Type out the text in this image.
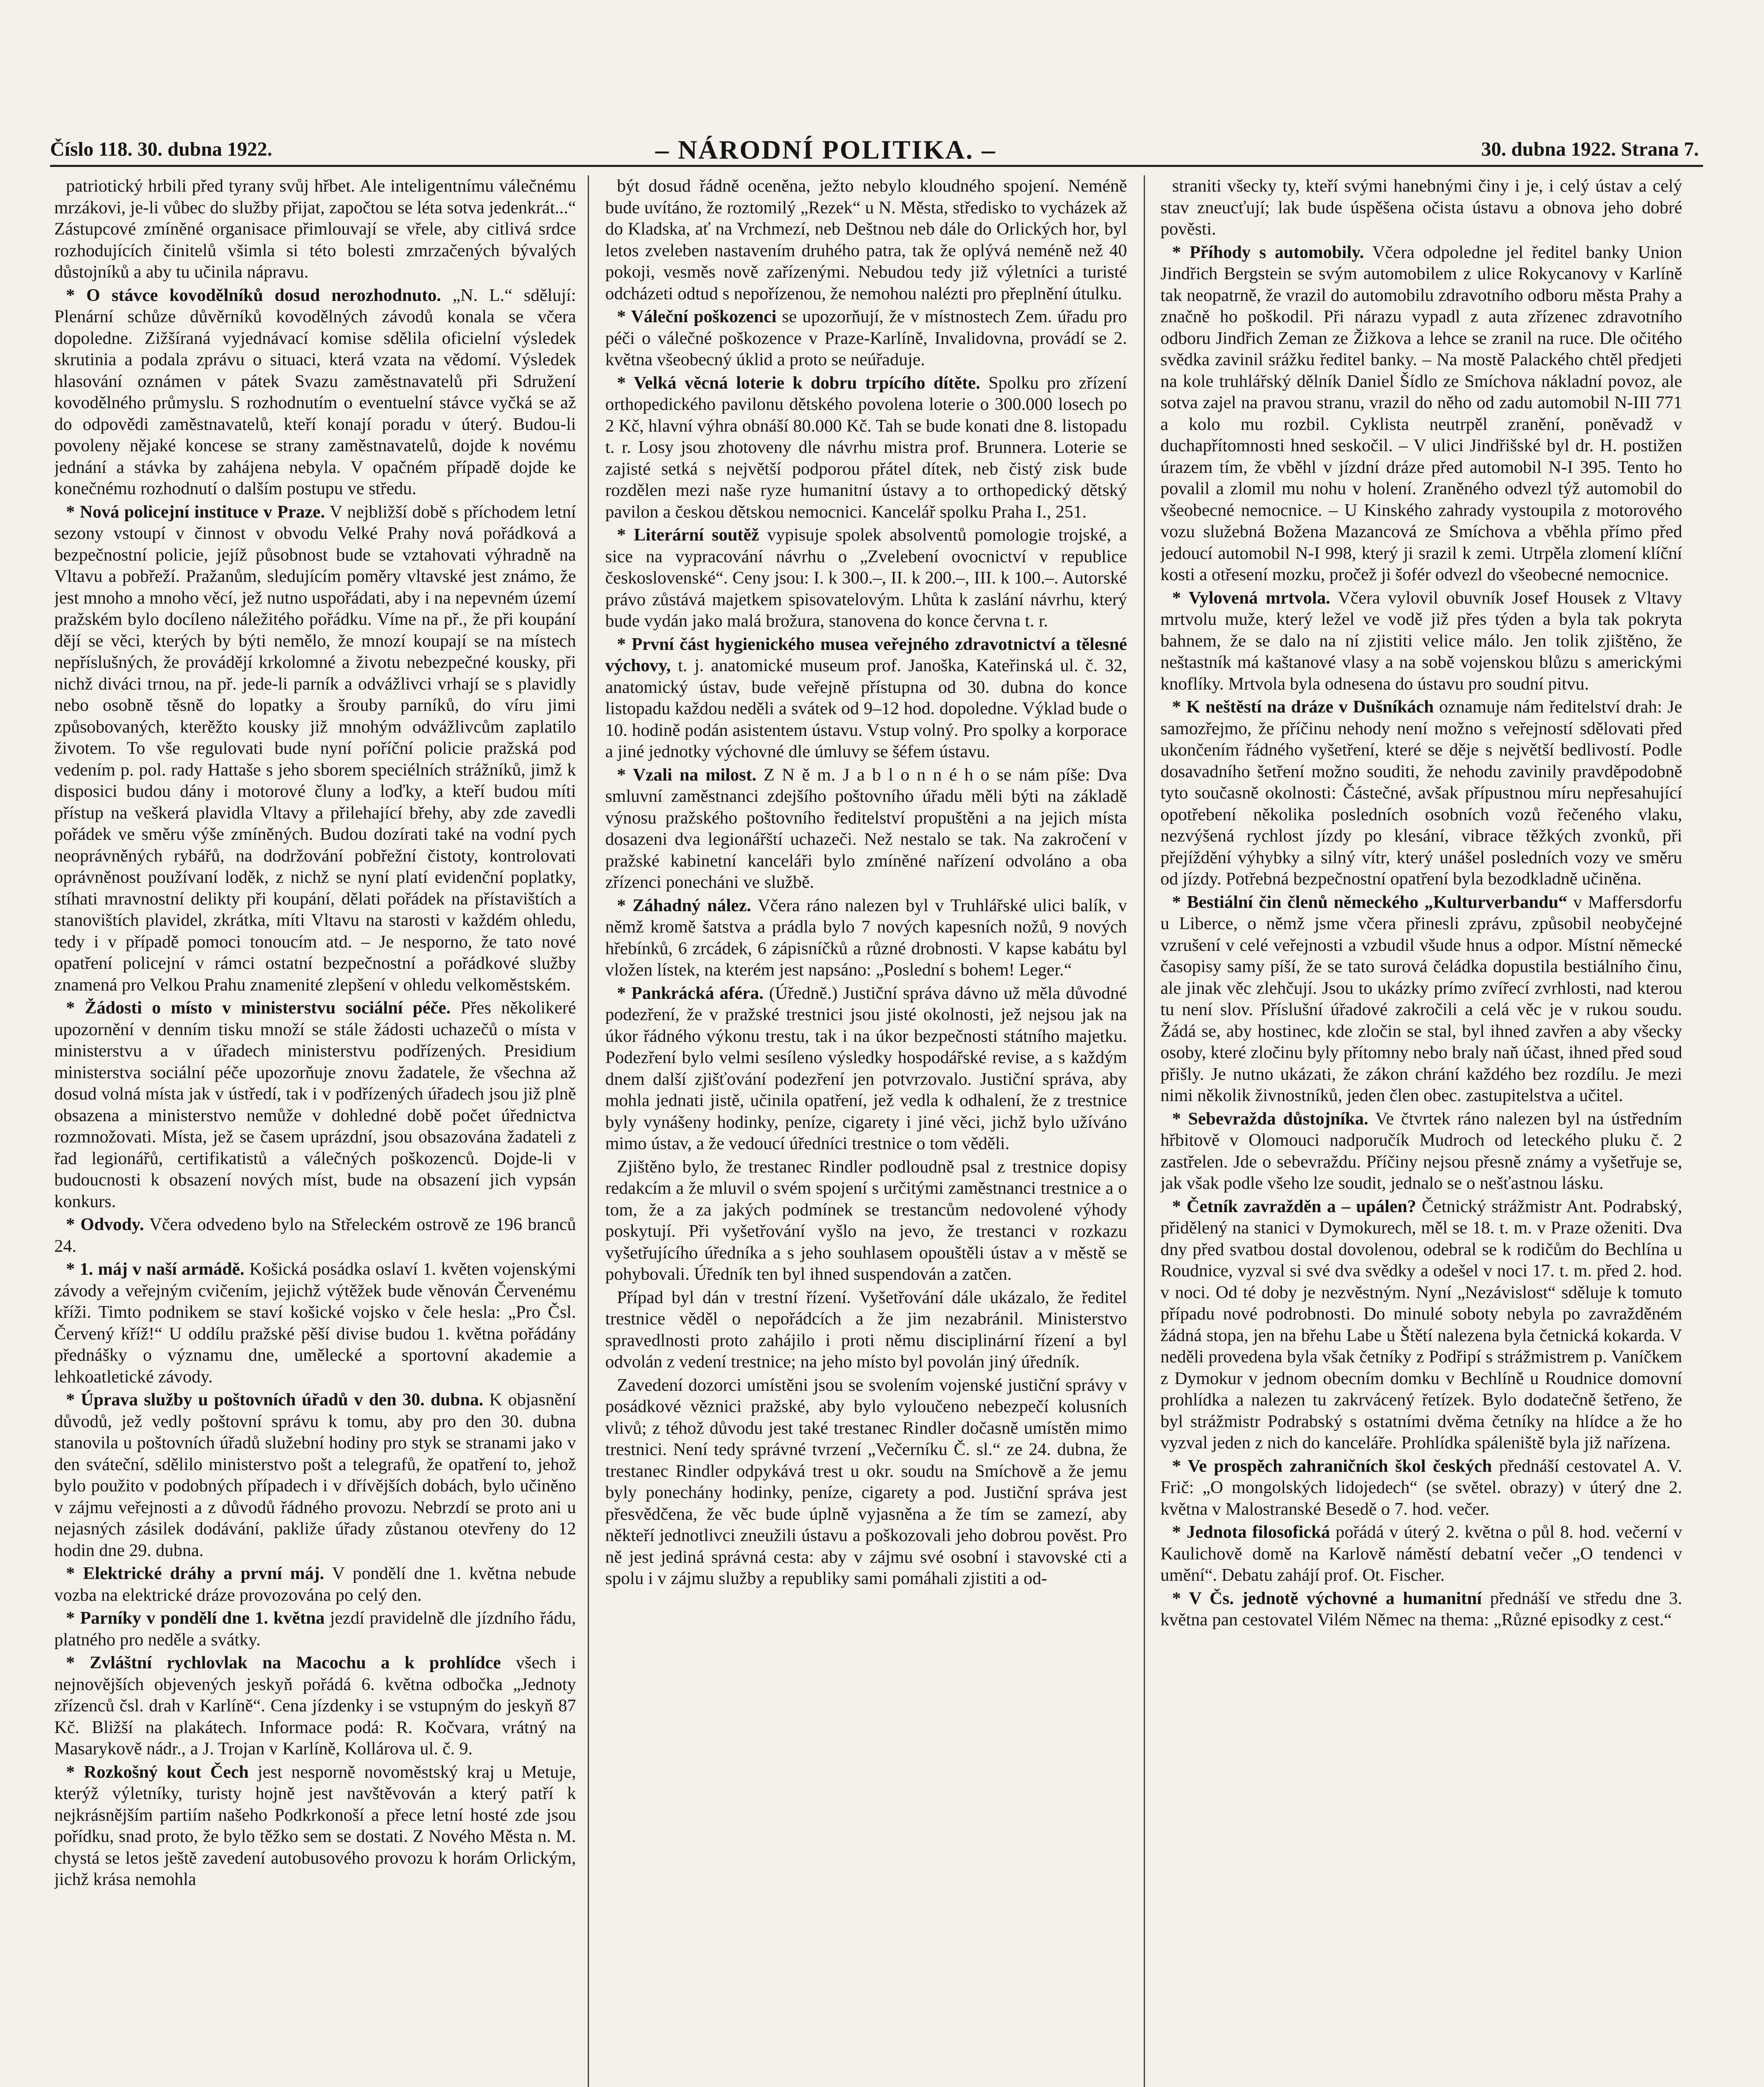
Číslo 118. 30. dubna 1922.	– NÁRODNÍ POLITIKA. –	30. dubna 1922. Strana 7.

patriotický hrbili před tyrany svůj hřbet. Ale inteligentnímu válečnému mrzákovi, je-li vůbec do služby přijat, započtou se léta sotva jedenkrát...“ Zástupcové zmíněné organisace přimlouvají se vřele, aby citlivá srdce rozhodujících činitelů všimla si této bolesti zmrzačených bývalých důstojníků a aby tu učinila nápravu.

* O stávce kovodělníků dosud nerozhodnuto. „N. L.“ sdělují: Plenární schůze důvěrníků kovodělných závodů konala se včera dopoledne. Zižšíraná vyjednávací komise sdělila oficielní výsledek skrutinia a podala zprávu o situaci, která vzata na vědomí. Výsledek hlasování oznámen v pátek Svazu zaměstnavatelů při Sdružení kovodělného průmyslu. S rozhodnutím o eventuelní stávce vyčká se až do odpovědi zaměstnavatelů, kteří konají poradu v úterý. Budou-li povoleny nějaké koncese se strany zaměstnavatelů, dojde k novému jednání a stávka by zahájena nebyla. V opačném případě dojde ke konečnému rozhodnutí o dalším postupu ve středu.

* Nová policejní instituce v Praze. V nejbližší době s příchodem letní sezony vstoupí v činnost v obvodu Velké Prahy nová pořádková a bezpečnostní policie, jejíž působnost bude se vztahovati výhradně na Vltavu a pobřeží. Pražanům, sledujícím poměry vltavské jest známo, že jest mnoho a mnoho věcí, jež nutno uspořádati, aby i na nepevném území pražském bylo docíleno náležitého pořádku. Víme na př., že při koupání dějí se věci, kterých by býti nemělo, že mnozí koupají se na místech nepříslušných, že provádějí krkolomné a životu nebezpečné kousky, při nichž diváci trnou, na př. jede-li parník a odvážlivci vrhají se s plavidly nebo osobně těsně do lopatky a šrouby parníků, do víru jimi způsobovaných, kterěžto kousky již mnohým odvážlivcům zaplatilo životem. To vše regulovati bude nyní poříční policie pražská pod vedením p. pol. rady Hattaše s jeho sborem speciélních strážníků, jimž k disposici budou dány i motorové čluny a loďky, a kteří budou míti přístup na veškerá plavidla Vltavy a přilehající břehy, aby zde zavedli pořádek ve směru výše zmíněných. Budou dozírati také na vodní pych neoprávněných rybářů, na dodržování pobřežní čistoty, kontrolovati oprávněnost používaní loděk, z nichž se nyní platí evidenční poplatky, stíhati mravnostní delikty při koupání, dělati pořádek na přístavištích a stanovištích plavidel, zkrátka, míti Vltavu na starosti v každém ohledu, tedy i v případě pomoci tonoucím atd. – Je nesporno, že tato nové opatření policejní v rámci ostatní bezpečnostní a pořádkové služby znamená pro Velkou Prahu znamenité zlepšení v ohledu velkoměstském.

* Žádosti o místo v ministerstvu sociální péče. Přes několikeré upozornění v denním tisku množí se stále žádosti uchazečů o místa v ministerstvu a v úřadech ministerstvu podřízených. Presidium ministerstva sociální péče upozorňuje znovu žadatele, že všechna až dosud volná místa jak v ústředí, tak i v podřízených úřadech jsou již plně obsazena a ministerstvo nemůže v dohledné době počet úřednictva rozmnožovati. Místa, jež se časem uprázdní, jsou obsazována žadateli z řad legionářů, certifikatistů a válečných poškozenců. Dojde-li v budoucnosti k obsazení nových míst, bude na obsazení jich vypsán konkurs.

* Odvody. Včera odvedeno bylo na Střeleckém ostrově ze 196 branců 24.

* 1. máj v naší armádě. Košická posádka oslaví 1. květen vojenskými závody a veřejným cvičením, jejichž výtěžek bude věnován Červenému kříži. Timto podnikem se staví košické vojsko v čele hesla: „Pro Čsl. Červený kříž!“ U oddílu pražské pěší divise budou 1. května pořádány přednášky o významu dne, umělecké a sportovní akademie a lehkoatletické závody.

* Úprava služby u poštovních úřadů v den 30. dubna. K objasnění důvodů, jež vedly poštovní správu k tomu, aby pro den 30. dubna stanovila u poštovních úřadů služební hodiny pro styk se stranami jako v den sváteční, sdělilo ministerstvo pošt a telegrafů, že opatření to, jehož bylo použito v podobných případech i v dřívějších dobách, bylo učiněno v zájmu veřejnosti a z důvodů řádného provozu. Nebrzdí se proto ani u nejasných zásilek dodávání, pakliže úřady zůstanou otevřeny do 12 hodin dne 29. dubna.

* Elektrické dráhy a první máj. V pondělí dne 1. května nebude vozba na elektrické dráze provozována po celý den.

* Parníky v pondělí dne 1. května jezdí pravidelně dle jízdního řádu, platného pro neděle a svátky.

* Zvláštní rychlovlak na Macochu a k prohlídce všech i nejnovějších objevených jeskyň pořádá 6. května odbočka „Jednoty zřízenců čsl. drah v Karlíně“. Cena jízdenky i se vstupným do jeskyň 87 Kč. Bližší na plakátech. Informace podá: R. Kočvara, vrátný na Masarykově nádr., a J. Trojan v Karlíně, Kollárova ul. č. 9.

* Rozkošný kout Čech jest nesporně novoměstský kraj u Metuje, kterýž výletníky, turisty hojně jest navštěvován a který patří k nejkrásnějším partiím našeho Podkrkonoší a přece letní hosté zde jsou pořídku, snad proto, že bylo těžko sem se dostati. Z Nového Města n. M. chystá se letos ještě zavedení autobusového provozu k horám Orlickým, jichž krása nemohla

být dosud řádně oceněna, ježto nebylo kloudného spojení. Neméně bude uvítáno, že roztomilý „Rezek“ u N. Města, středisko to vycházek až do Kladska, ať na Vrchmezí, neb Deštnou neb dále do Orlických hor, byl letos zveleben nastavením druhého patra, tak že oplývá neméně než 40 pokoji, vesměs nově zařízenými. Nebudou tedy již výletníci a turisté odcházeti odtud s nepořízenou, že nemohou nalézti pro přeplnění útulku.

* Váleční poškozenci se upozorňují, že v místnostech Zem. úřadu pro péči o válečné poškozence v Praze-Karlíně, Invalidovna, provádí se 2. května všeobecný úklid a proto se neúřaduje.

* Velká věcná loterie k dobru trpícího dítěte. Spolku pro zřízení orthopedického pavilonu dětského povolena loterie o 300.000 losech po 2 Kč, hlavní výhra obnáší 80.000 Kč. Tah se bude konati dne 8. listopadu t. r. Losy jsou zhotoveny dle návrhu mistra prof. Brunnera. Loterie se zajisté setká s největší podporou přátel dítek, neb čistý zisk bude rozdělen mezi naše ryze humanitní ústavy a to orthopedický dětský pavilon a českou dětskou nemocnici. Kancelář spolku Praha I., 251.

* Literární soutěž vypisuje spolek absolventů pomologie trojské, a sice na vypracování návrhu o „Zvelebení ovocnictví v republice československé“. Ceny jsou: I. k 300.–, II. k 200.–, III. k 100.–. Autorské právo zůstává majetkem spisovatelovým. Lhůta k zaslání návrhu, který bude vydán jako malá brožura, stanovena do konce června t. r.

* První část hygienického musea veřejného zdravotnictví a tělesné výchovy, t. j. anatomické museum prof. Janoška, Kateřinská ul. č. 32, anatomický ústav, bude veřejně přístupna od 30. dubna do konce listopadu každou neděli a svátek od 9–12 hod. dopoledne. Výklad bude o 10. hodině podán asistentem ústavu. Vstup volný. Pro spolky a korporace a jiné jednotky výchovné dle úmluvy se šéfem ústavu.

* Vzali na milost. Z N ě m. J a b l o n n é h o se nám píše: Dva smluvní zaměstnanci zdejšího poštovního úřadu měli býti na základě výnosu pražského poštovního ředitelství propuštěni a na jejich místa dosazeni dva legionářští uchazeči. Než nestalo se tak. Na zakročení v pražské kabinetní kanceláři bylo zmíněné nařízení odvoláno a oba zřízenci ponecháni ve službě.

* Záhadný nález. Včera ráno nalezen byl v Truhlářské ulici balík, v němž kromě šatstva a prádla bylo 7 nových kapesních nožů, 9 nových hřebínků, 6 zrcádek, 6 zápisníčků a různé drobnosti. V kapse kabátu byl vložen lístek, na kterém jest napsáno: „Poslední s bohem! Leger.“

* Pankrácká aféra. (Úředně.) Justiční správa dávno už měla důvodné podezření, že v pražské trestnici jsou jisté okolnosti, jež nejsou jak na úkor řádného výkonu trestu, tak i na úkor bezpečnosti státního majetku. Podezření bylo velmi sesíleno výsledky hospodářské revise, a s každým dnem další zjišťování podezření jen potvrzovalo. Justiční správa, aby mohla jednati jistě, učinila opatření, jež vedla k odhalení, že z trestnice byly vynášeny hodinky, peníze, cigarety i jiné věci, jichž bylo užíváno mimo ústav, a že vedoucí úředníci trestnice o tom věděli.

Zjištěno bylo, že trestanec Rindler podloudně psal z trestnice dopisy redakcím a že mluvil o svém spojení s určitými zaměstnanci trestnice a o tom, že a za jakých podmínek se trestancům nedovolené výhody poskytují. Při vyšetřování vyšlo na jevo, že trestanci v rozkazu vyšetřujícího úředníka a s jeho souhlasem opouštěli ústav a v městě se pohybovali. Úředník ten byl ihned suspendován a zatčen.

Případ byl dán v trestní řízení. Vyšetřování dále ukázalo, že ředitel trestnice věděl o nepořádcích a že jim nezabránil. Ministerstvo spravedlnosti proto zahájilo i proti němu disciplinární řízení a byl odvolán z vedení trestnice; na jeho místo byl povolán jiný úředník.

Zavedení dozorci umístěni jsou se svolením vojenské justiční správy v posádkové věznici pražské, aby bylo vyloučeno nebezpečí kolusních vlivů; z téhož důvodu jest také trestanec Rindler dočasně umístěn mimo trestnici. Není tedy správné tvrzení „Večerníku Č. sl.“ ze 24. dubna, že trestanec Rindler odpykává trest u okr. soudu na Smíchově a že jemu byly ponechány hodinky, peníze, cigarety a pod. Justiční správa jest přesvědčena, že věc bude úplně vyjasněna a že tím se zamezí, aby někteří jednotlivci zneužili ústavu a poškozovali jeho dobrou pověst. Pro ně jest jediná správná cesta: aby v zájmu své osobní i stavovské cti a spolu i v zájmu služby a republiky sami pomáhali zjistiti a od-

straniti všecky ty, kteří svými hanebnými činy i je, i celý ústav a celý stav zneucťují; lak bude úspěšena očista ústavu a obnova jeho dobré pověsti.

* Příhody s automobily. Včera odpoledne jel ředitel banky Union Jindřich Bergstein se svým automobilem z ulice Rokycanovy v Karlíně tak neopatrně, že vrazil do automobilu zdravotního odboru města Prahy a značně ho poškodil. Při nárazu vypadl z auta zřízenec zdravotního odboru Jindřich Zeman ze Žižkova a lehce se zranil na ruce. Dle očitého svědka zavinil srážku ředitel banky. – Na mostě Palackého chtěl předjeti na kole truhlářský dělník Daniel Šídlo ze Smíchova nákladní povoz, ale sotva zajel na pravou stranu, vrazil do něho od zadu automobil N-III 771 a kolo mu rozbil. Cyklista neutrpěl zranění, poněvadž v duchapřítomnosti hned seskočil. – V ulici Jindřišské byl dr. H. postižen úrazem tím, že vběhl v jízdní dráze před automobil N-I 395. Tento ho povalil a zlomil mu nohu v holení. Zraněného odvezl týž automobil do všeobecné nemocnice. – U Kinského zahrady vystoupila z motorového vozu služebná Božena Mazancová ze Smíchova a vběhla přímo před jedoucí automobil N-I 998, který ji srazil k zemi. Utrpěla zlomení klíční kosti a otřesení mozku, pročež ji šofér odvezl do všeobecné nemocnice.

* Vylovená mrtvola. Včera vylovil obuvník Josef Housek z Vltavy mrtvolu muže, který ležel ve vodě již přes týden a byla tak pokryta bahnem, že se dalo na ní zjistiti velice málo. Jen tolik zjištěno, že neštastník má kaštanové vlasy a na sobě vojenskou blůzu s americkými knoflíky. Mrtvola byla odnesena do ústavu pro soudní pitvu.

* K neštěstí na dráze v Dušníkách oznamuje nám ředitelství drah: Je samozřejmo, že příčinu nehody není možno s veřejností sdělovati před ukončením řádného vyšetření, které se děje s největší bedlivostí. Podle dosavadního šetření možno souditi, že nehodu zavinily pravděpodobně tyto současně okolnosti: Částečné, avšak přípustnou míru nepřesahující opotřebení několika posledních osobních vozů řečeného vlaku, nezvýšená rychlost jízdy po klesání, vibrace těžkých zvonků, při přejíždění výhybky a silný vítr, který unášel posledních vozy ve směru od jízdy. Potřebná bezpečnostní opatření byla bezodkladně učiněna.

* Bestiální čin členů německého „Kulturverbandu“ v Maffersdorfu u Liberce, o němž jsme včera přinesli zprávu, způsobil neobyčejné vzrušení v celé veřejnosti a vzbudil všude hnus a odpor. Místní německé časopisy samy píší, že se tato surová čeládka dopustila bestiálního činu, ale jinak věc zlehčují. Jsou to ukázky prímo zvířecí zvrhlosti, nad kterou tu není slov. Příslušní úřadové zakročili a celá věc je v rukou soudu. Žádá se, aby hostinec, kde zločin se stal, byl ihned zavřen a aby všecky osoby, které zločinu byly přítomny nebo braly naň účast, ihned před soud přišly. Je nutno ukázati, že zákon chrání každého bez rozdílu. Je mezi nimi několik živnostníků, jeden člen obec. zastupitelstva a učitel.

* Sebevražda důstojníka. Ve čtvrtek ráno nalezen byl na ústředním hřbitově v Olomouci nadporučík Mudroch od leteckého pluku č. 2 zastřelen. Jde o sebevraždu. Příčiny nejsou přesně známy a vyšetřuje se, jak však podle všeho lze soudit, jednalo se o nešťastnou lásku.

* Četník zavražděn a – upálen? Četnický strážmistr Ant. Podrabský, přidělený na stanici v Dymokurech, měl se 18. t. m. v Praze oženiti. Dva dny před svatbou dostal dovolenou, odebral se k rodičům do Bechlína u Roudnice, vyzval si své dva svědky a odešel v noci 17. t. m. před 2. hod. v noci. Od té doby je nezvěstným. Nyní „Nezávislost“ sděluje k tomuto případu nové podrobnosti. Do minulé soboty nebyla po zavražděném žádná stopa, jen na břehu Labe u Štětí nalezena byla četnická kokarda. V neděli provedena byla však četníky z Podřipí s strážmistrem p. Vaníčkem z Dymokur v jednom obecním domku v Bechlíně u Roudnice domovní prohlídka a nalezen tu zakrvácený řetízek. Bylo dodatečně šetřeno, že byl strážmistr Podrabský s ostatními dvěma četníky na hlídce a že ho vyzval jeden z nich do kanceláře. Prohlídka spáleniště byla již nařízena.

* Ve prospěch zahraničních škol českých přednáší cestovatel A. V. Frič: „O mongolských lidojedech“ (se světel. obrazy) v úterý dne 2. května v Malostranské Besedě o 7. hod. večer.

* Jednota filosofická pořádá v úterý 2. května o půl 8. hod. večerní v Kaulichově domě na Karlově náměstí debatní večer „O tendenci v umění“. Debatu zahájí prof. Ot. Fischer.

* V Čs. jednotě výchovné a humanitní přednáší ve středu dne 3. května pan cestovatel Vilém Němec na thema: „Různé episodky z cest.“
